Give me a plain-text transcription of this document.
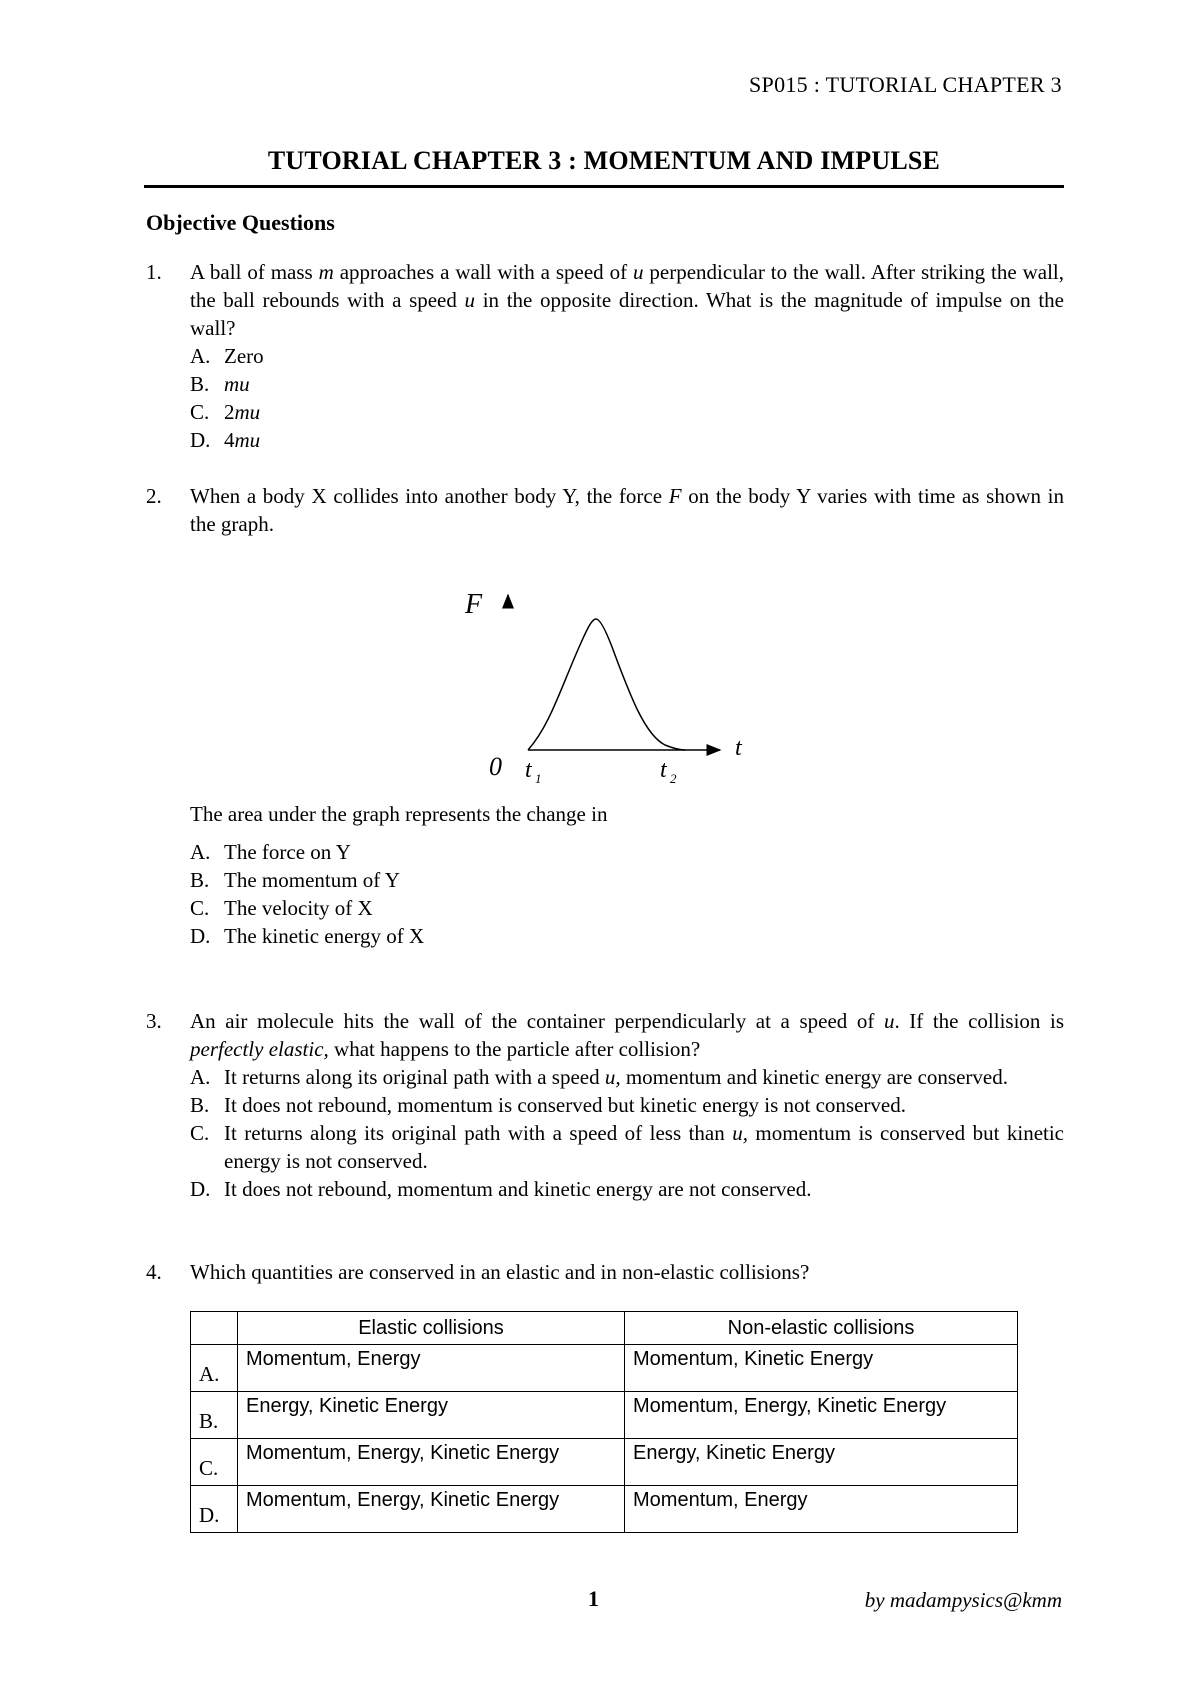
SP015 : TUTORIAL CHAPTER 3
TUTORIAL CHAPTER 3 : MOMENTUM AND IMPULSE
Objective Questions
1.	A ball of mass m approaches a wall with a speed of u perpendicular to the wall. After striking the wall, the ball rebounds with a speed u in the opposite direction. What is the magnitude of impulse on the wall?
A. Zero
B. mu
C. 2mu
D. 4mu
2.	When a body X collides into another body Y, the force F on the body Y varies with time as shown in the graph.
F
t
0 t 1	t 2
The area under the graph represents the change in
A. The force on Y
B. The momentum of Y
C. The velocity of X
D. The kinetic energy of X
3.	An air molecule hits the wall of the container perpendicularly at a speed of u. If the collision is perfectly elastic, what happens to the particle after collision?
A. It returns along its original path with a speed u, momentum and kinetic energy are conserved.
B. It does not rebound, momentum is conserved but kinetic energy is not conserved.
C. It returns along its original path with a speed of less than u, momentum is conserved but kinetic energy is not conserved.
D. It does not rebound, momentum and kinetic energy are not conserved.
4.	Which quantities are conserved in an elastic and in non-elastic collisions?
	Elastic collisions	Non-elastic collisions
A.	Momentum, Energy	Momentum, Kinetic Energy
B.	Energy, Kinetic Energy	Momentum, Energy, Kinetic Energy
C.	Momentum, Energy, Kinetic Energy	Energy, Kinetic Energy
D.	Momentum, Energy, Kinetic Energy	Momentum, Energy
1	by madampysics@kmm
